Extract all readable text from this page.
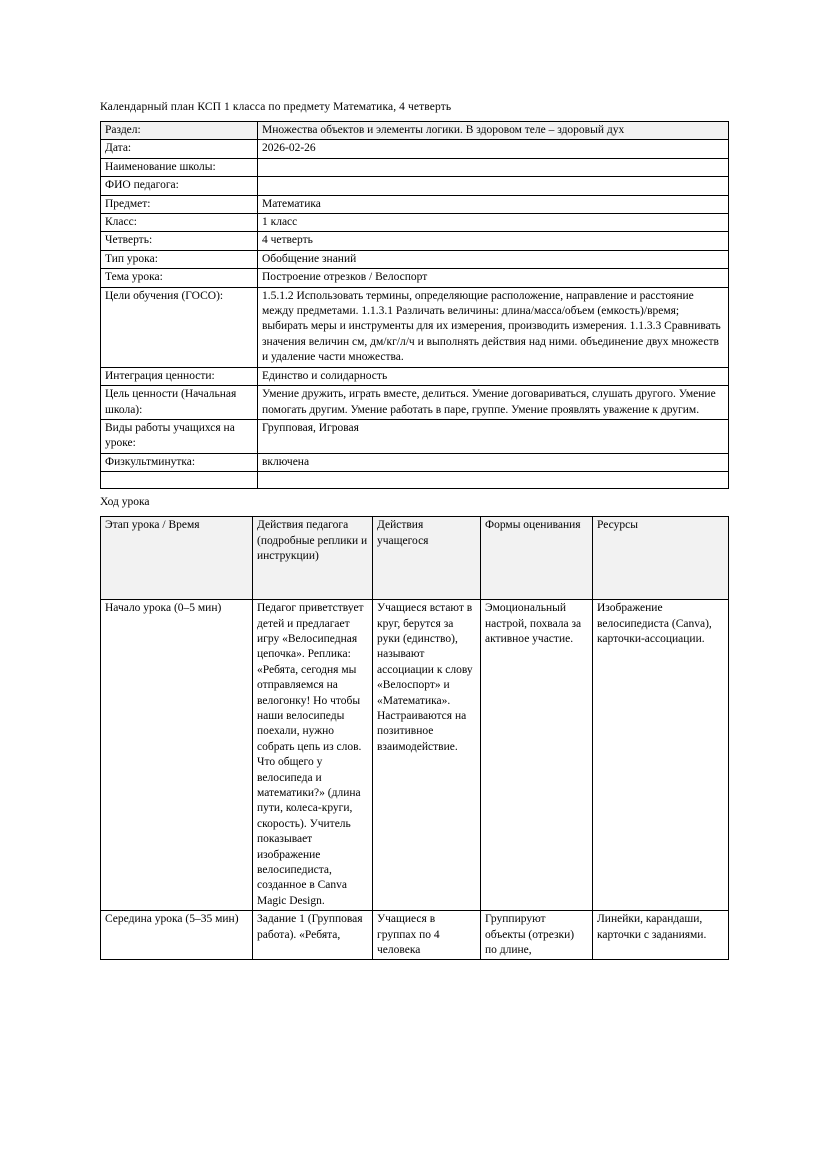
Календарный план КСП 1 класса по предмету Математика, 4 четверть

Раздел:	Множества объектов и элементы логики. В здоровом теле – здоровый дух
Дата:	2026-02-26
Наименование школы:	
ФИО педагога:	
Предмет:	Математика
Класс:	1 класс
Четверть:	4 четверть
Тип урока:	Обобщение знаний
Тема урока:	Построение отрезков / Велоспорт
Цели обучения (ГОСО):	1.5.1.2 Использовать термины, определяющие расположение, направление и расстояние между предметами. 1.1.3.1 Различать величины: длина/масса/объем (емкость)/время; выбирать меры и инструменты для их измерения, производить измерения. 1.1.3.3 Сравнивать значения величин см, дм/кг/л/ч и выполнять действия над ними. объединение двух множеств и удаление части множества.
Интеграция ценности:	Единство и солидарность
Цель ценности (Начальная школа):	Умение дружить, играть вместе, делиться. Умение договариваться, слушать другого. Умение помогать другим. Умение работать в паре, группе. Умение проявлять уважение к другим.
Виды работы учащихся на уроке:	Групповая, Игровая
Физкультминутка:	включена

Ход урока

Этап урока / Время	Действия педагога (подробные реплики и инструкции)	Действия учащегося	Формы оценивания	Ресурсы
Начало урока (0–5 мин)	Педагог приветствует детей и предлагает игру «Велосипедная цепочка». Реплика: «Ребята, сегодня мы отправляемся на велогонку! Но чтобы наши велосипеды поехали, нужно собрать цепь из слов. Что общего у велосипеда и математики?» (длина пути, колеса-круги, скорость). Учитель показывает изображение велосипедиста, созданное в Canva Magic Design.	Учащиеся встают в круг, берутся за руки (единство), называют ассоциации к слову «Велоспорт» и «Математика». Настраиваются на позитивное взаимодействие.	Эмоциональный настрой, похвала за активное участие.	Изображение велосипедиста (Canva), карточки-ассоциации.
Середина урока (5–35 мин)	Задание 1 (Групповая работа). «Ребята,	Учащиеся в группах по 4 человека	Группируют объекты (отрезки) по длине,	Линейки, карандаши, карточки с заданиями.
